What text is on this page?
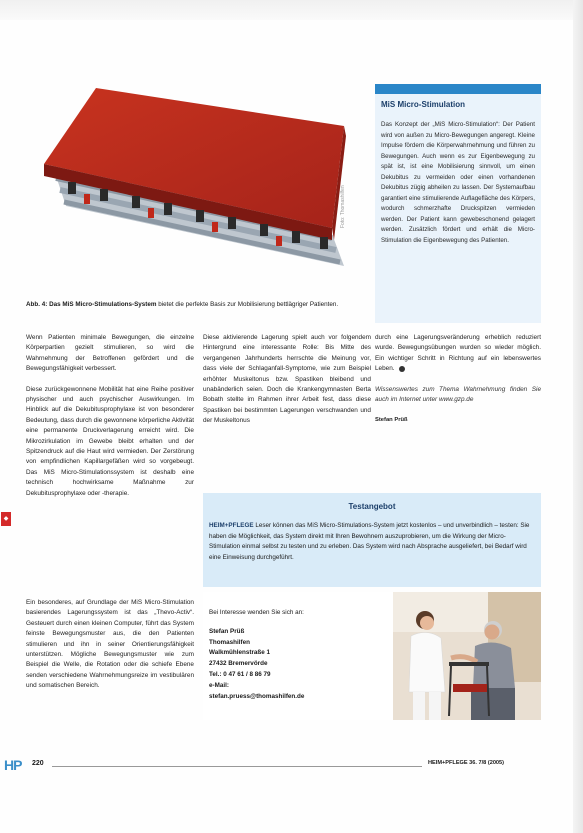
Foto: Thomashilfen
Abb. 4: Das MiS Micro-Stimulations-System bietet die perfekte Basis zur Mobilisierung bettlägriger Patienten.
MiS Micro-Stimulation
Das Konzept der „MiS Micro-Stimulation“: Der Patient wird von außen zu Micro-Bewegungen angeregt. Kleine Impulse fördern die Körperwahrnehmung und führen zu Bewegungen. Auch wenn es zur Eigenbewegung zu spät ist, ist eine Mobilisierung sinnvoll, um einen Dekubitus zu vermeiden oder einen vorhandenen Dekubitus zügig abheilen zu lassen. Der Systemaufbau garantiert eine stimulierende Auflagefläche des Körpers, wodurch schmerzhafte Druckspitzen vermieden werden. Der Patient kann gewebeschonend gelagert werden. Zusätzlich fördert und erhält die Micro-Stimulation die Eigenbewegung des Patienten.
◆

Wenn Patienten minimale Bewegungen, die einzelne Körperpartien gezielt stimulieren, so wird die Wahrnehmung der Betroffenen gefördert und die Bewegungsfähigkeit verbessert.

Diese zurückgewonnene Mobilität hat eine Reihe positiver physischer und auch psychischer Auswirkungen. Im Hinblick auf die Dekubitusprophylaxe ist von besonderer Bedeutung, dass durch die gewonnene körperliche Aktivität eine permanente Druckverlagerung erreicht wird. Die Mikrozirkulation im Gewebe bleibt erhalten und der Spitzendruck auf die Haut wird vermieden. Der Zerstörung von empfindlichen Kapillargefäßen wird so vorgebeugt. Das MiS Micro-Stimulationssystem ist deshalb eine technisch hochwirksame Maßnahme zur Dekubitusprophylaxe oder -therapie.

Ein besonderes, auf Grundlage der MiS Micro-Stimulation basierendes Lagerungssystem ist das „Thevo-Activ“. Gesteuert durch einen kleinen Computer, führt das System feinste Bewegungsmuster aus, die den Patienten stimulieren und ihn in seiner Orientierungsfähigkeit unterstützen. Mögliche Bewegungsmuster wie zum Beispiel die Welle, die Rotation oder die schiefe Ebene senden verschiedene Wahrnehmungsreize im vestibulären und somatischen Bereich.

Diese aktivierende Lagerung spielt auch vor folgendem Hintergrund eine interessante Rolle: Bis Mitte des vergangenen Jahrhunderts herrschte die Meinung vor, dass viele der Schlaganfall-Symptome, wie zum Beispiel erhöhter Muskeltonus bzw. Spastiken bleibend und unabänderlich seien. Doch die Krankengymnasten Berta Bobath stellte im Rahmen ihrer Arbeit fest, dass diese Spastiken bei bestimmten Lagerungen verschwanden und der Muskeltonus

durch eine Lagerungsveränderung erheblich reduziert wurde. Bewegungsübungen wurden so wieder möglich. Ein wichtiger Schritt in Richtung auf ein lebenswertes Leben.

Wissenswertes zum Thema Wahrnehmung finden Sie auch im Internet unter www.gzp.de

Stefan Prüß

Testangebot
HEIM+PFLEGE Leser können das MiS Micro-Stimulations-System jetzt kostenlos – und unverbindlich – testen: Sie haben die Möglichkeit, das System direkt mit Ihren Bewohnern auszuprobieren, um die Wirkung der Micro-Stimulation einmal selbst zu testen und zu erleben. Das System wird nach Absprache ausgeliefert, bei Bedarf wird eine Einweisung durchgeführt.
Bei Interesse wenden Sie sich an:
Stefan Prüß
Thomashilfen
Walkmühlenstraße 1
27432 Bremervörde
Tel.: 0 47 61 / 8 86 79
e-Mail:
stefan.pruess@thomashilfen.de
HP	220	HEIM+PFLEGE 36. 7/8 (2005)
